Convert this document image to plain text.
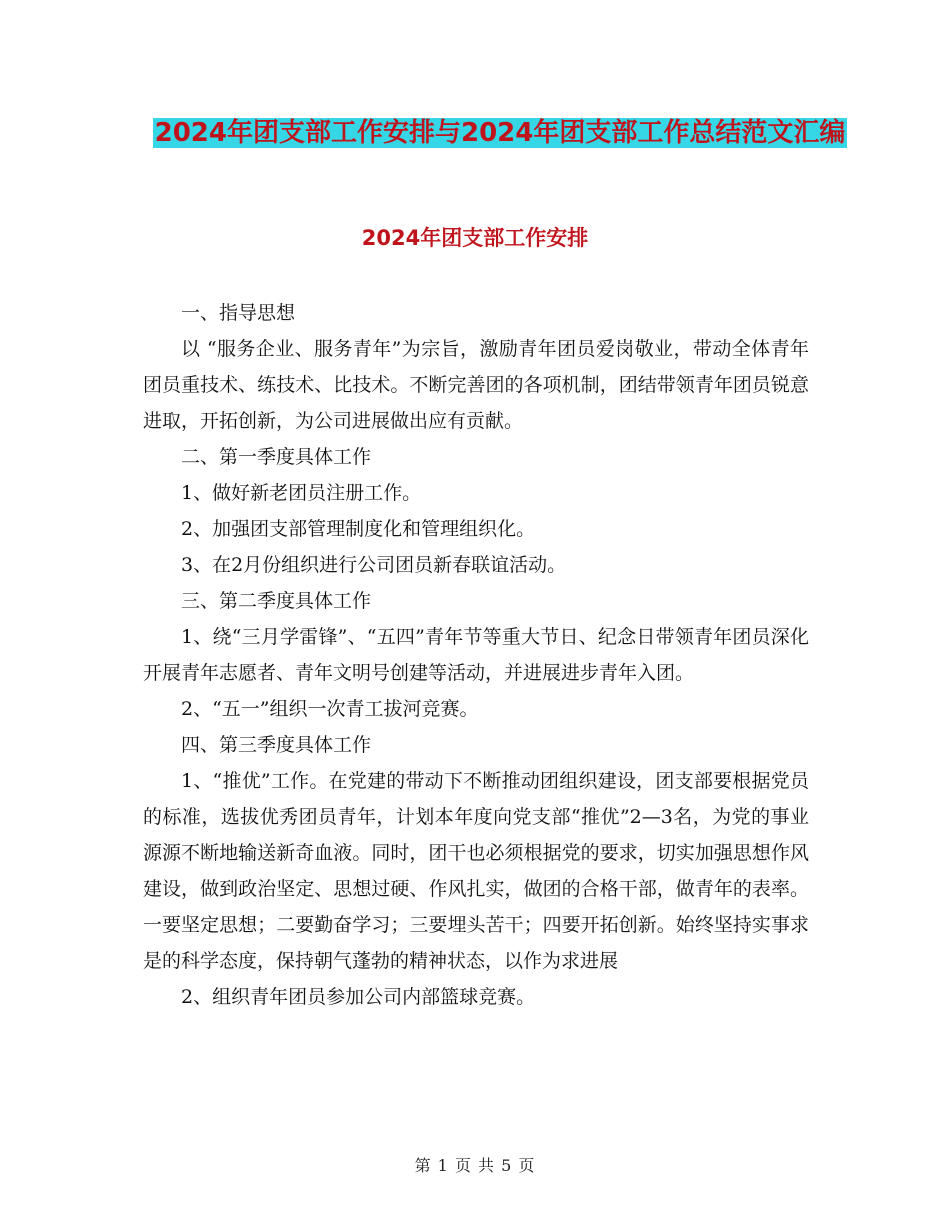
2024年团支部工作安排与2024年团支部工作总结范文汇编
2024年团支部工作安排

一、指导思想

以 “服务企业、服务青年”为宗旨，激励青年团员爱岗敬业，带动全体青年团员重技术、练技术、比技术。不断完善团的各项机制，团结带领青年团员锐意进取，开拓创新，为公司进展做出应有贡献。

二、第一季度具体工作

1、做好新老团员注册工作。

2、加强团支部管理制度化和管理组织化。

3、在2月份组织进行公司团员新春联谊活动。

三、第二季度具体工作

1、绕“三月学雷锋”、“五四”青年节等重大节日、纪念日带领青年团员深化开展青年志愿者、青年文明号创建等活动，并进展进步青年入团。

2、“五一”组织一次青工拔河竞赛。

四、第三季度具体工作

1、“推优”工作。在党建的带动下不断推动团组织建设，团支部要根据党员的标准，选拔优秀团员青年，计划本年度向党支部“推优”2—3名，为党的事业源源不断地输送新奇血液。同时，团干也必须根据党的要求，切实加强思想作风建设，做到政治坚定、思想过硬、作风扎实，做团的合格干部，做青年的表率。一要坚定思想；二要勤奋学习；三要埋头苦干；四要开拓创新。始终坚持实事求是的科学态度，保持朝气蓬勃的精神状态，以作为求进展

2、组织青年团员参加公司内部篮球竞赛。

第 1 页 共 5 页
